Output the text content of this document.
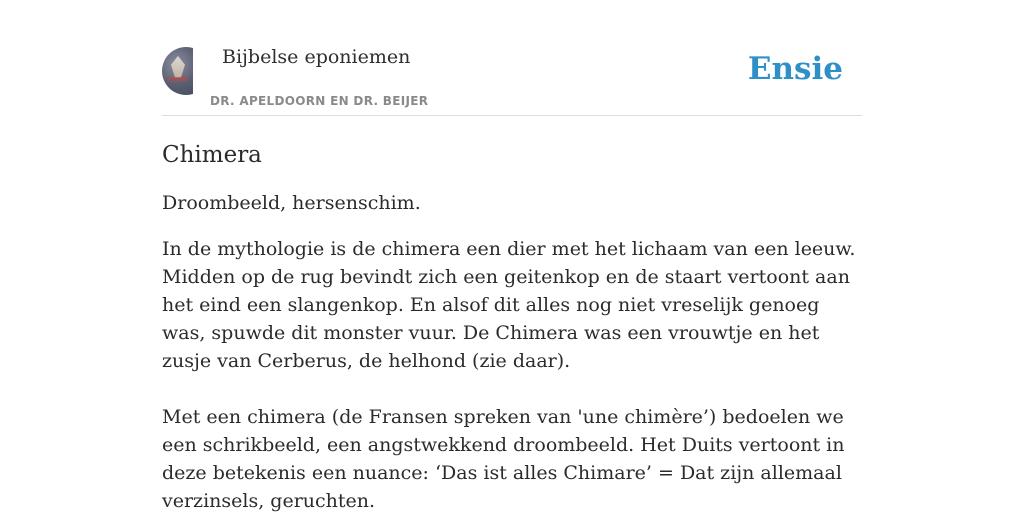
Bijbelse eponiemen
DR. APELDOORN EN DR. BEIJER
Ensie
Chimera

Droombeeld, hersenschim.

In de mythologie is de chimera een dier met het lichaam van een leeuw. Midden op de rug bevindt zich een geitenkop en de staart vertoont aan het eind een slangenkop. En alsof dit alles nog niet vreselijk genoeg was, spuwde dit monster vuur. De Chimera was een vrouwtje en het zusje van Cerberus, de helhond (zie daar).

Met een chimera (de Fransen spreken van 'une chimère’) bedoelen we een schrikbeeld, een angstwekkend droombeeld. Het Duits vertoont in deze betekenis een nuance: ‘Das ist alles Chimare’ = Dat zijn allemaal verzinsels, geruchten.
